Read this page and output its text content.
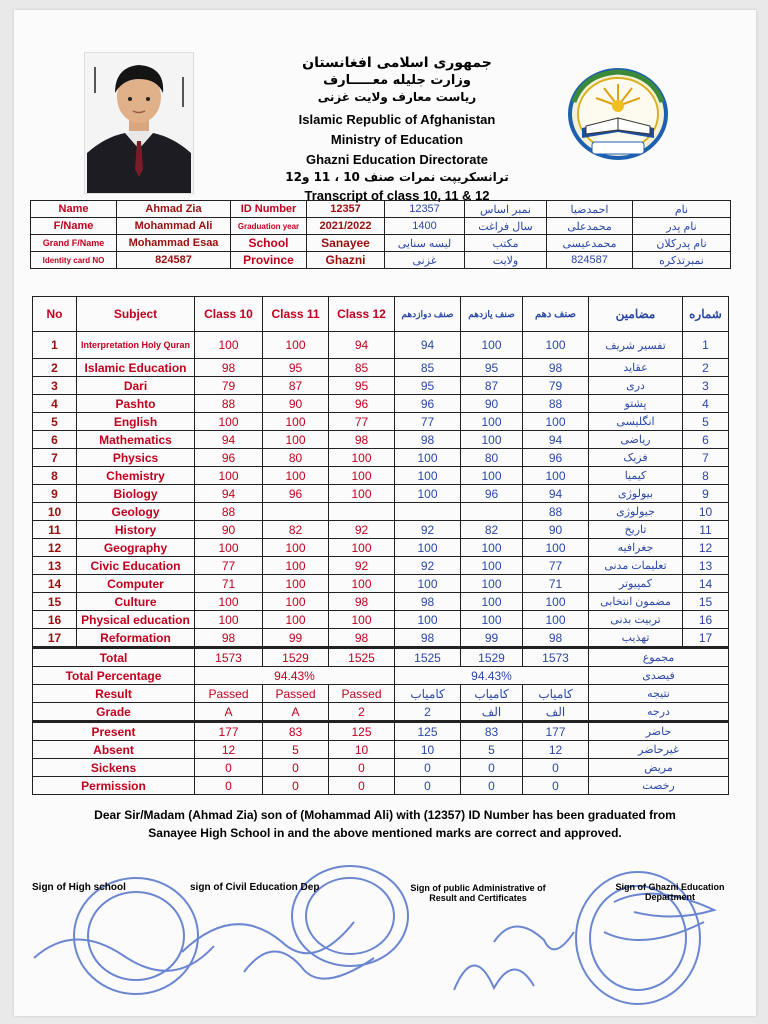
جمهوری اسلامی افغانستان
وزارت جلیله معـــــارف
ریاست معارف ولایت غزنی
Islamic Republic of Afghanistan
Ministry of Education
Ghazni Education Directorate
ترانسکریپت نمرات صنف 10 ، 11 و12
Transcript of class 10, 11 & 12
Name	Ahmad Zia	ID Number	12357	12357	نمبر اساس	احمدضیا	نام
F/Name	Mohammad Ali	Graduation year	2021/2022	1400	سال فراغت	محمدعلی	نام پدر
Grand F/Name	Mohammad Esaa	School	Sanayee	لیسه سنایی	مکتب	محمدعیسی	نام پدرکلان
Identity card NO	824587	Province	Ghazni	غزنی	ولایت	824587	نمبرتذکره
No	Subject	Class 10	Class 11	Class 12	صنف دوازدهم	صنف یازدهم	صنف دهم	مضامین	شماره
1	Interpretation Holy Quran	100	100	94	94	100	100	تفسیر شریف	1
2	Islamic Education	98	95	85	85	95	98	عقاید	2
3	Dari	79	87	95	95	87	79	دری	3
4	Pashto	88	90	96	96	90	88	پشتو	4
5	English	100	100	77	77	100	100	انگلیسی	5
6	Mathematics	94	100	98	98	100	94	ریاضی	6
7	Physics	96	80	100	100	80	96	فزیک	7
8	Chemistry	100	100	100	100	100	100	کیمیا	8
9	Biology	94	96	100	100	96	94	بیولوژی	9
10	Geology	88					88	جیولوژی	10
11	History	90	82	92	92	82	90	تاریخ	11
12	Geography	100	100	100	100	100	100	جغرافیه	12
13	Civic Education	77	100	92	92	100	77	تعلیمات مدنی	13
14	Computer	71	100	100	100	100	71	کمپیوتر	14
15	Culture	100	100	98	98	100	100	مضمون انتخابی	15
16	Physical education	100	100	100	100	100	100	تربیت بدنی	16
17	Reformation	98	99	98	98	99	98	تهذیب	17
Total		1573	1529	1525	1525	1529	1573	مجموع	
Total Percentage		94.43%			94.43%			فیصدی	
Result		Passed	Passed	Passed	کامیاب	کامیاب	کامیاب	نتیجه	
Grade		A	A	2	2	الف	الف	درجه	
Present		177	83	125	125	83	177	حاضر	
Absent		12	5	10	10	5	12	غیرحاضر	
Sickens		0	0	0	0	0	0	مریض	
Permission		0	0	0	0	0	0	رخصت	
Dear Sir/Madam (Ahmad Zia) son of (Mohammad Ali) with (12357) ID Number has been graduated from
Sanayee High School in and the above mentioned marks are correct and approved.
Sign of High school	sign of Civil Education Dep	Sign of public Administrative of
Result and Certificates
Sign of Ghazni Education
Department
